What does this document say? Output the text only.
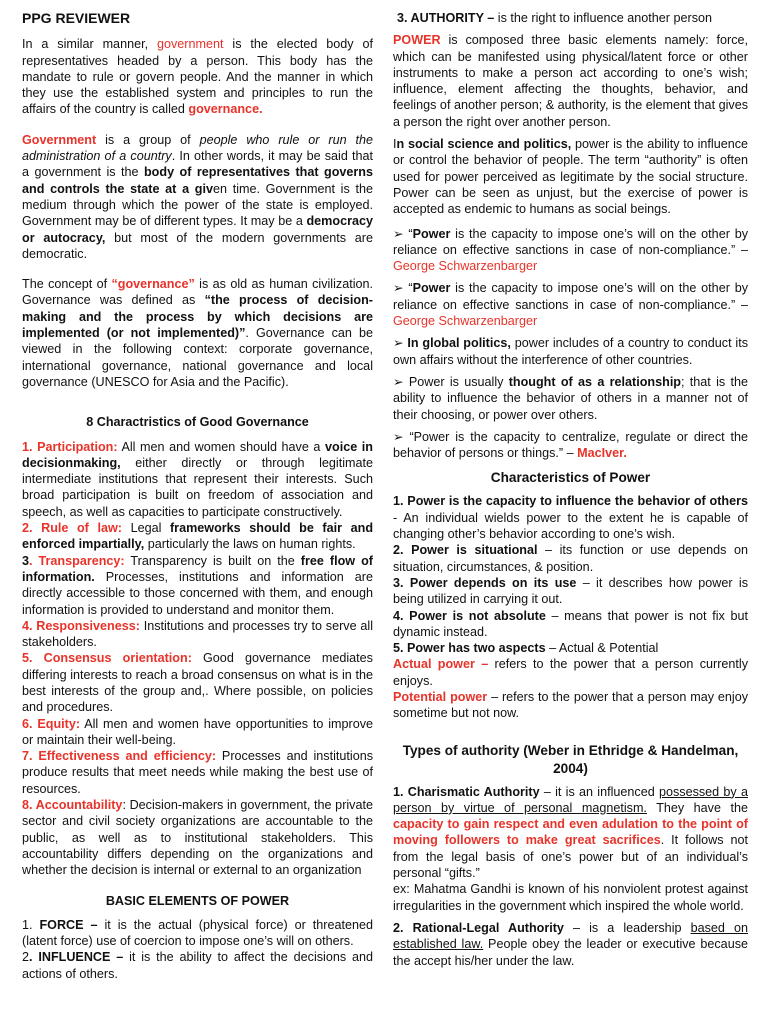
PPG REVIEWER

In a similar manner, government is the elected body of representatives headed by a person. This body has the mandate to rule or govern people. And the manner in which they use the established system and principles to run the affairs of the country is called governance.

Government is a group of people who rule or run the administration of a country. In other words, it may be said that a government is the body of representatives that governs and controls the state at a given time. Government is the medium through which the power of the state is employed. Government may be of different types. It may be a democracy or autocracy, but most of the modern governments are democratic.

The concept of “governance” is as old as human civilization. Governance was defined as “the process of decision-making and the process by which decisions are implemented (or not implemented)”. Governance can be viewed in the following context: corporate governance, international governance, national governance and local governance (UNESCO for Asia and the Pacific).

8 Charactristics of Good Governance

1. Participation: All men and women should have a voice in decisionmaking, either directly or through legitimate intermediate institutions that represent their interests. Such broad participation is built on freedom of association and speech, as well as capacities to participate constructively.

2. Rule of law: Legal frameworks should be fair and enforced impartially, particularly the laws on human rights.

3. Transparency: Transparency is built on the free flow of information. Processes, institutions and information are directly accessible to those concerned with them, and enough information is provided to understand and monitor them.

4. Responsiveness: Institutions and processes try to serve all stakeholders.

5. Consensus orientation: Good governance mediates differing interests to reach a broad consensus on what is in the best interests of the group and,. Where possible, on policies and procedures.

6. Equity: All men and women have opportunities to improve or maintain their well-being.

7. Effectiveness and efficiency: Processes and institutions produce results that meet needs while making the best use of resources.

8. Accountability: Decision-makers in government, the private sector and civil society organizations are accountable to the public, as well as to institutional stakeholders. This accountability differs depending on the organizations and whether the decision is internal or external to an organization

BASIC ELEMENTS OF POWER

1. FORCE – it is the actual (physical force) or threatened (latent force) use of coercion to impose one’s will on others.

2. INFLUENCE – it is the ability to affect the decisions and actions of others.

3. AUTHORITY – is the right to influence another person

POWER is composed three basic elements namely: force, which can be manifested using physical/latent force or other instruments to make a person act according to one’s wish; influence, element affecting the thoughts, behavior, and feelings of another person; & authority, is the element that gives a person the right over another person.

In social science and politics, power is the ability to influence or control the behavior of people. The term “authority” is often used for power perceived as legitimate by the social structure. Power can be seen as unjust, but the exercise of power is accepted as endemic to humans as social beings.

➢ “Power is the capacity to impose one’s will on the other by reliance on effective sanctions in case of non-compliance.” – George Schwarzenbarger

➢ “Power is the capacity to impose one’s will on the other by reliance on effective sanctions in case of non-compliance.” – George Schwarzenbarger

➢ In global politics, power includes of a country to conduct its own affairs without the interference of other countries.

➢ Power is usually thought of as a relationship; that is the ability to influence the behavior of others in a manner not of their choosing, or power over others.

➢ “Power is the capacity to centralize, regulate or direct the behavior of persons or things.” – MacIver.

Characteristics of Power

1. Power is the capacity to influence the behavior of others - An individual wields power to the extent he is capable of changing other’s behavior according to one’s wish.

2. Power is situational – its function or use depends on situation, circumstances, & position.

3. Power depends on its use – it describes how power is being utilized in carrying it out.

4. Power is not absolute – means that power is not fix but dynamic instead.

5. Power has two aspects – Actual & Potential

Actual power – refers to the power that a person currently enjoys.

Potential power – refers to the power that a person may enjoy sometime but not now.

Types of authority (Weber in Ethridge & Handelman, 2004)

1. Charismatic Authority – it is an influenced possessed by a person by virtue of personal magnetism. They have the capacity to gain respect and even adulation to the point of moving followers to make great sacrifices. It follows not from the legal basis of one’s power but of an individual’s personal “gifts.”

ex: Mahatma Gandhi is known of his nonviolent protest against irregularities in the government which inspired the whole world.

2. Rational-Legal Authority – is a leadership based on established law. People obey the leader or executive because the accept his/her under the law.
